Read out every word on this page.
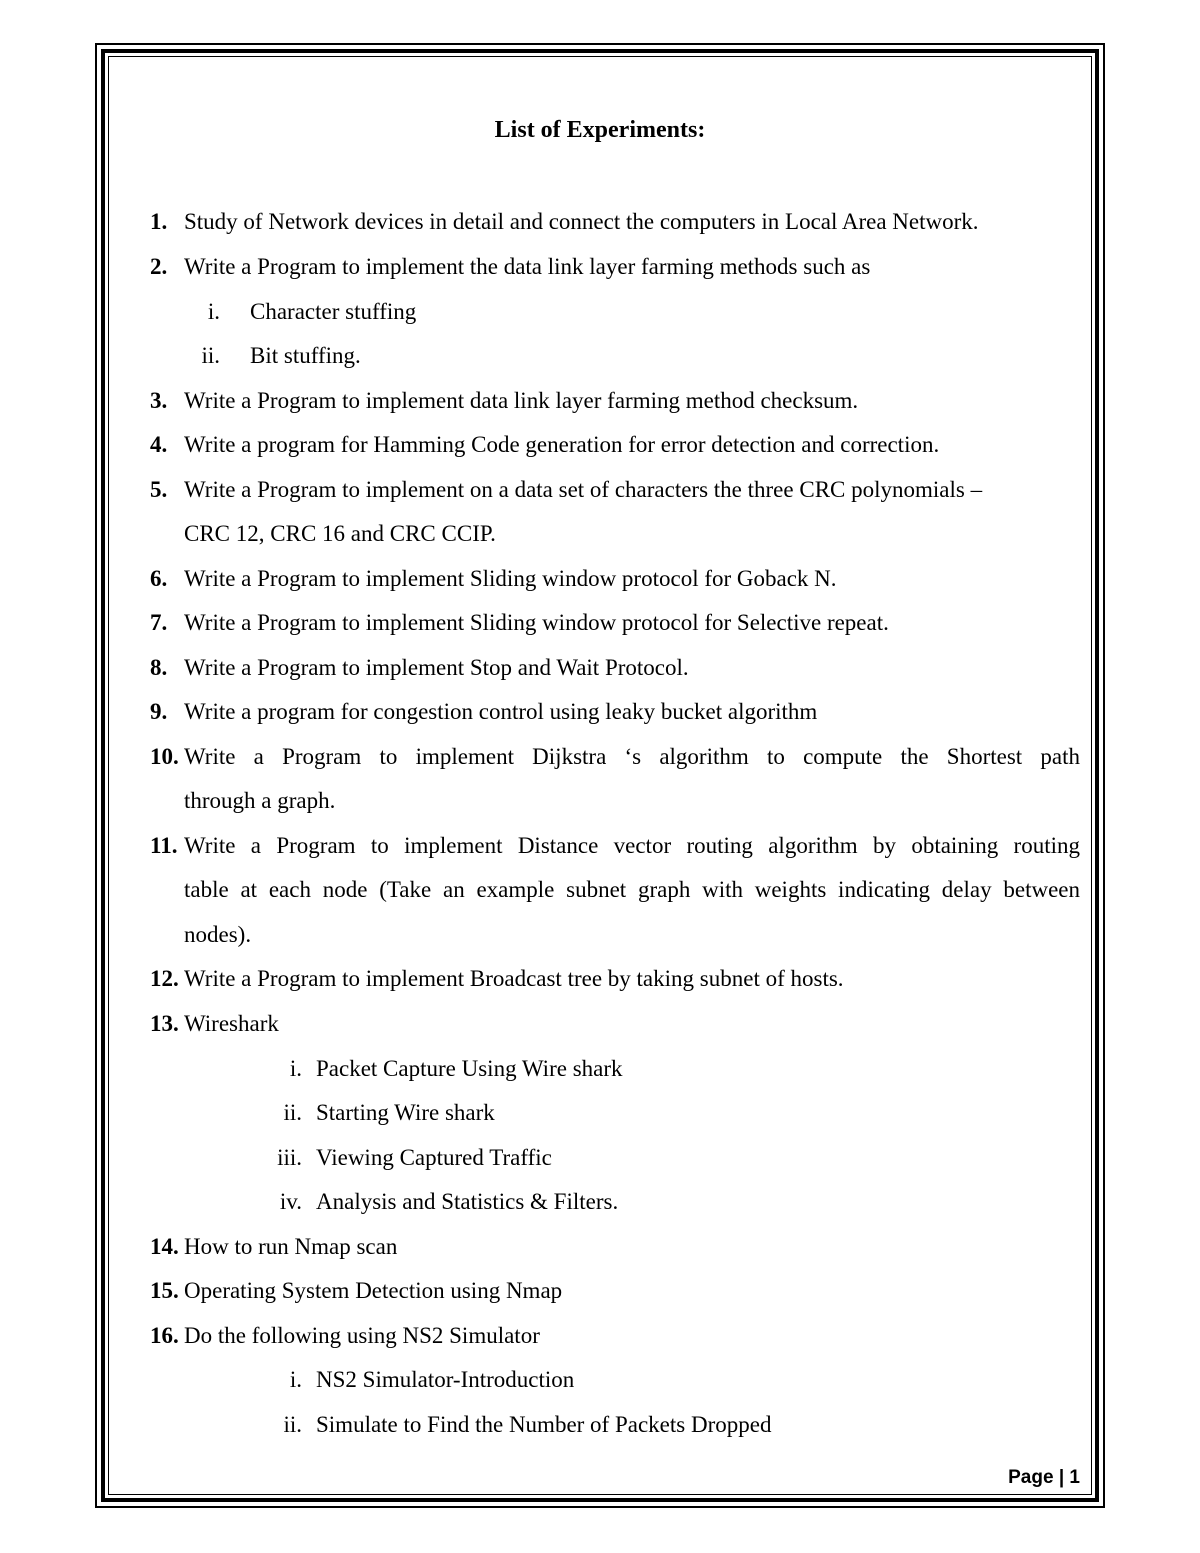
List of Experiments:
1. Study of Network devices in detail and connect the computers in Local Area Network.
2. Write a Program to implement the data link layer farming methods such as
i. Character stuffing
ii. Bit stuffing.
3. Write a Program to implement data link layer farming method checksum.
4. Write a program for Hamming Code generation for error detection and correction.
5. Write a Program to implement on a data set of characters the three CRC polynomials –
CRC 12, CRC 16 and CRC CCIP.
6. Write a Program to implement Sliding window protocol for Goback N.
7. Write a Program to implement Sliding window protocol for Selective repeat.
8. Write a Program to implement Stop and Wait Protocol.
9. Write a program for congestion control using leaky bucket algorithm
10. Write a Program to implement Dijkstra ‘s algorithm to compute the Shortest path
through a graph.
11. Write a Program to implement Distance vector routing algorithm by obtaining routing
table at each node (Take an example subnet graph with weights indicating delay between
nodes).
12. Write a Program to implement Broadcast tree by taking subnet of hosts.
13. Wireshark
i. Packet Capture Using Wire shark
ii. Starting Wire shark
iii. Viewing Captured Traffic
iv. Analysis and Statistics & Filters.
14. How to run Nmap scan
15. Operating System Detection using Nmap
16. Do the following using NS2 Simulator
i. NS2 Simulator-Introduction
ii. Simulate to Find the Number of Packets Dropped
Page | 1
